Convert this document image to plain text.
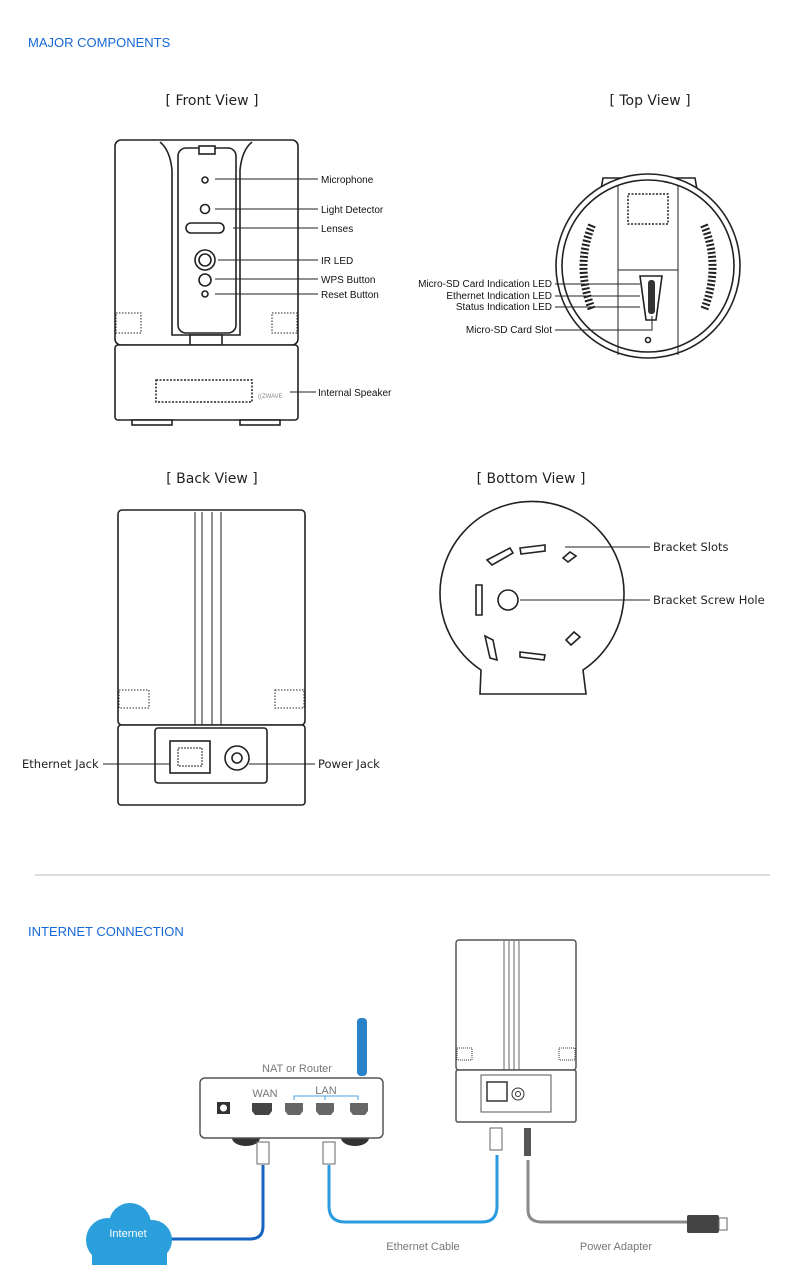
MAJOR COMPONENTS
[ Front View ]	[ Top View ]
((ZWAVE
Microphone
Light Detector
Lenses
IR LED
WPS Button
Reset Button
Internal Speaker
Micro-SD Card Indication LED
Ethernet Indication LED
Status Indication LED
Micro-SD Card Slot
[ Back View ]
Ethernet Jack	Power Jack
[ Bottom View ]
Bracket Slots
Bracket Screw Hole
INTERNET CONNECTION
NAT or Router
WAN	LAN
Internet
Ethernet Cable	Power Adapter
